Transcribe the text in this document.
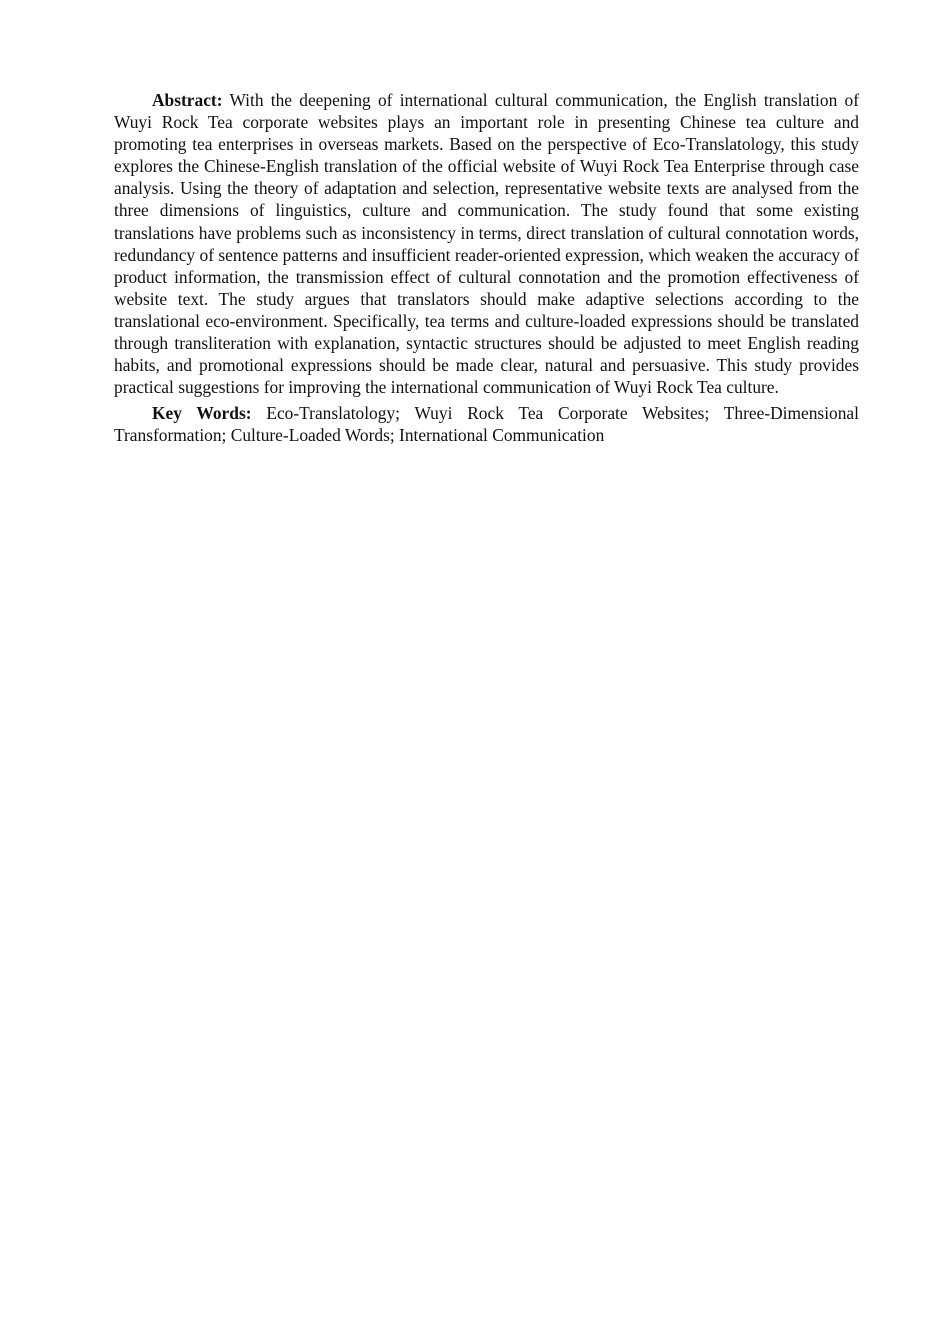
Abstract: With the deepening of international cultural communication, the English translation of Wuyi Rock Tea corporate websites plays an important role in presenting Chinese tea culture and promoting tea enterprises in overseas markets. Based on the perspective of Eco-Translatology, this study explores the Chinese-English translation of the official website of Wuyi Rock Tea Enterprise through case analysis. Using the theory of adaptation and selection, representative website texts are analysed from the three dimensions of linguistics, culture and communication. The study found that some existing translations have problems such as inconsistency in terms, direct translation of cultural connotation words, redundancy of sentence patterns and insufficient reader-oriented expression, which weaken the accuracy of product information, the transmission effect of cultural connotation and the promotion effectiveness of website text. The study argues that translators should make adaptive selections according to the translational eco-environment. Specifically, tea terms and culture-loaded expressions should be translated through transliteration with explanation, syntactic structures should be adjusted to meet English reading habits, and promotional expressions should be made clear, natural and persuasive. This study provides practical suggestions for improving the international communication of Wuyi Rock Tea culture.

Key Words: Eco-Translatology; Wuyi Rock Tea Corporate Websites; Three-Dimensional Transformation; Culture-Loaded Words; International Communication
